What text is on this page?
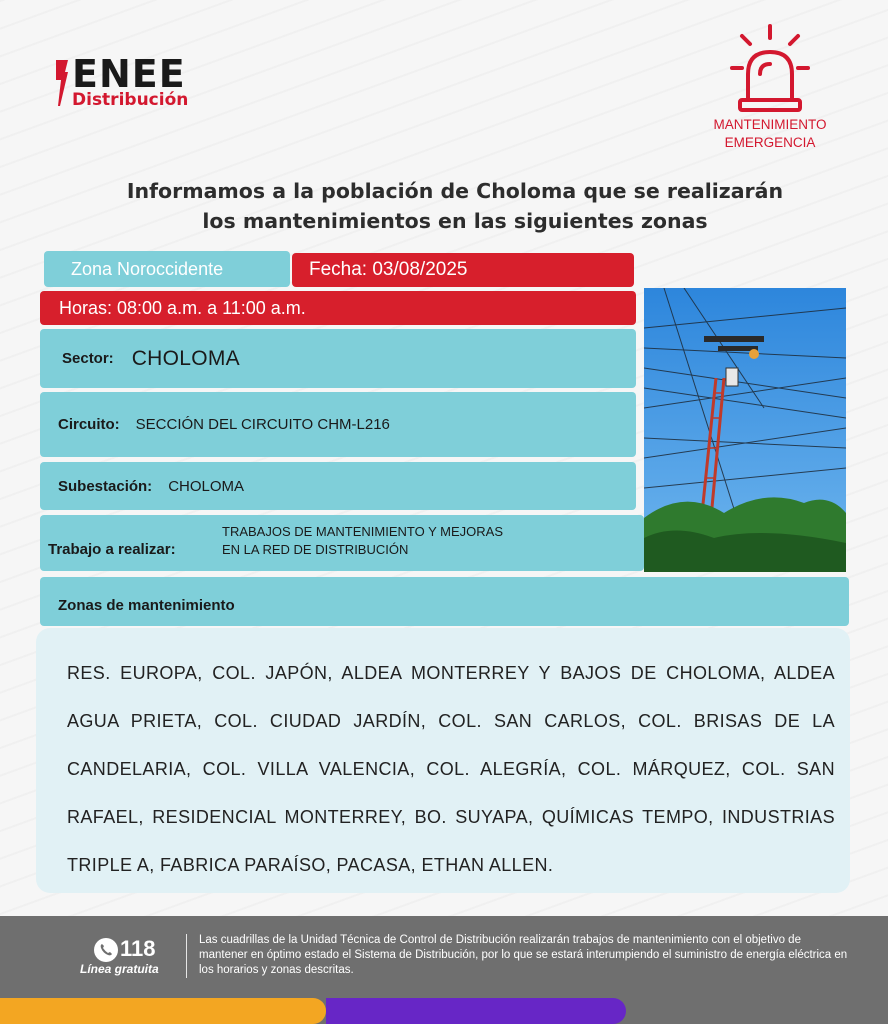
ENEE
Distribución
MANTENIMIENTO
EMERGENCIA
Informamos a la población de Choloma que se realizarán
los mantenimientos en las siguientes zonas
Zona Noroccidente	Fecha: 03/08/2025
Horas: 08:00 a.m. a 11:00 a.m.
Sector: CHOLOMA
Circuito: SECCIÓN DEL CIRCUITO CHM-L216
Subestación: CHOLOMA
Trabajo a realizar:
TRABAJOS DE MANTENIMIENTO Y MEJORAS
EN LA RED DE DISTRIBUCIÓN
Zonas de mantenimiento
RES. EUROPA, COL. JAPÓN, ALDEA MONTERREY Y BAJOS DE CHOLOMA, ALDEA AGUA PRIETA, COL. CIUDAD JARDÍN, COL. SAN CARLOS, COL. BRISAS DE LA CANDELARIA, COL. VILLA VALENCIA, COL. ALEGRÍA, COL. MÁRQUEZ, COL. SAN RAFAEL, RESIDENCIAL MONTERREY, BO. SUYAPA, QUÍMICAS TEMPO, INDUSTRIAS TRIPLE A, FABRICA PARAÍSO, PACASA, ETHAN ALLEN.
118
Línea gratuita
Las cuadrillas de la Unidad Técnica de Control de Distribución realizarán trabajos de mantenimiento con el objetivo de mantener en óptimo estado el Sistema de Distribución, por lo que se estará interumpiendo el suministro de energía eléctrica en los horarios y zonas descritas.
